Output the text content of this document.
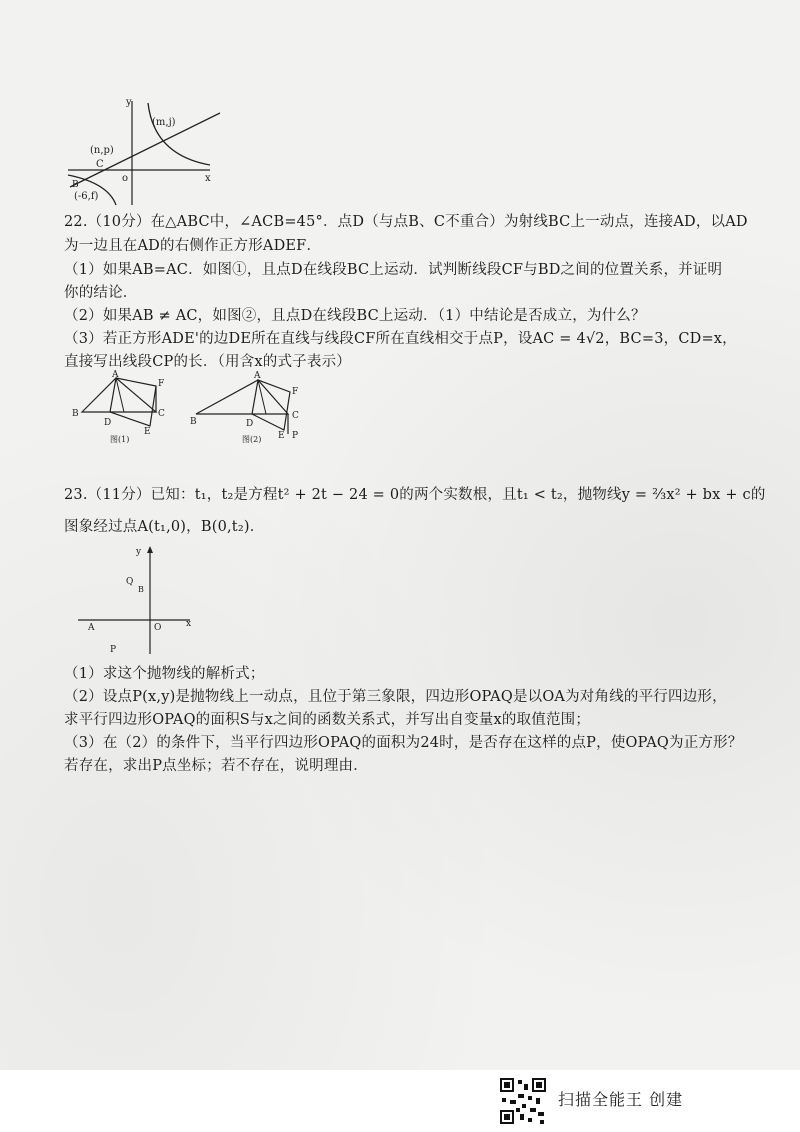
y
x
o
C
B
(m,j)
(n,p)
(-6,f)
22.（10分）在△ABC中，∠ACB=45°．点D（与点B、C不重合）为射线BC上一动点，连接AD，以AD
为一边且在AD的右侧作正方形ADEF．
（1）如果AB=AC．如图①，且点D在线段BC上运动．试判断线段CF与BD之间的位置关系，并证明
你的结论．
（2）如果AB ≠ AC，如图②，且点D在线段BC上运动．（1）中结论是否成立，为什么？
（3）若正方形ADE'的边DE所在直线与线段CF所在直线相交于点P，设AC = 4√2，BC=3，CD=x，
直接写出线段CP的长．（用含x的式子表示）
A
B	C
D
E
F
图(1)
A
B
C
D
E
F
P
图(2)
23.（11分）已知：t₁，t₂是方程t² + 2t − 24 = 0的两个实数根，且t₁ < t₂，抛物线y = ⅔x² + bx + c的
图象经过点A(t₁,0)，B(0,t₂)．
y
x
O
A
B
Q
P
（1）求这个抛物线的解析式；
（2）设点P(x,y)是抛物线上一动点，且位于第三象限，四边形OPAQ是以OA为对角线的平行四边形，
求平行四边形OPAQ的面积S与x之间的函数关系式，并写出自变量x的取值范围；
（3）在（2）的条件下，当平行四边形OPAQ的面积为24时，是否存在这样的点P，使OPAQ为正方形？
若存在，求出P点坐标；若不存在，说明理由．
扫描全能王 创建
